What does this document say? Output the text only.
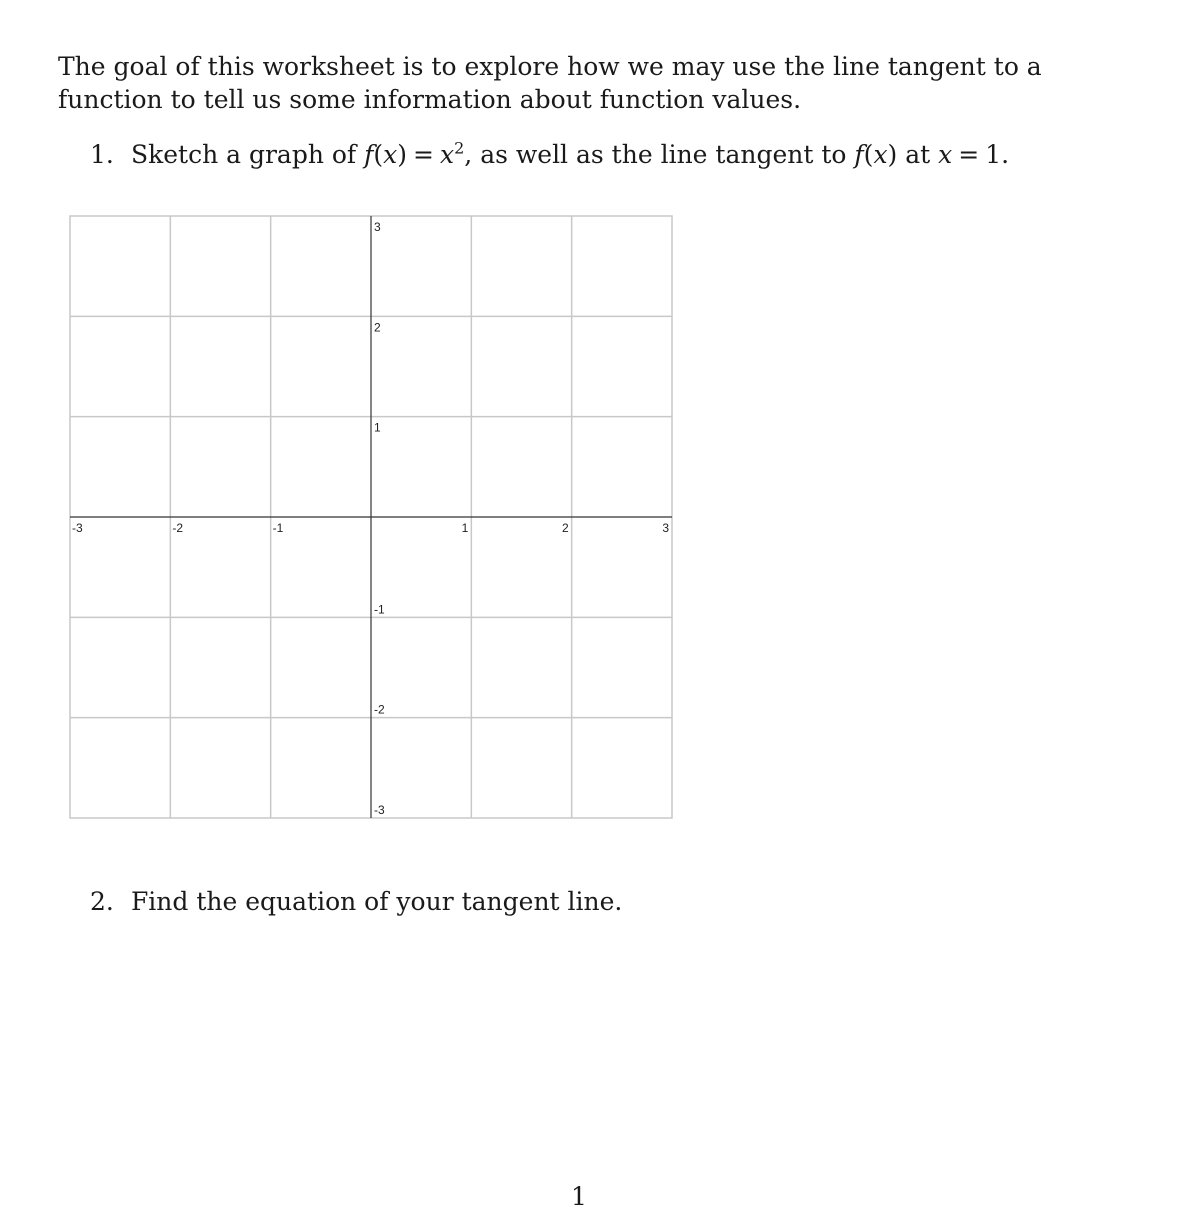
The goal of this worksheet is to explore how we may use the line tangent to a function to tell us some information about function values.

1. Sketch a graph of $f(x) = x^2$, as well as the line tangent to f(x) at x = 1.

-3	-2	-1	1	2	3
3
2
1
-1
-2
-3

2. Find the equation of your tangent line.

1
